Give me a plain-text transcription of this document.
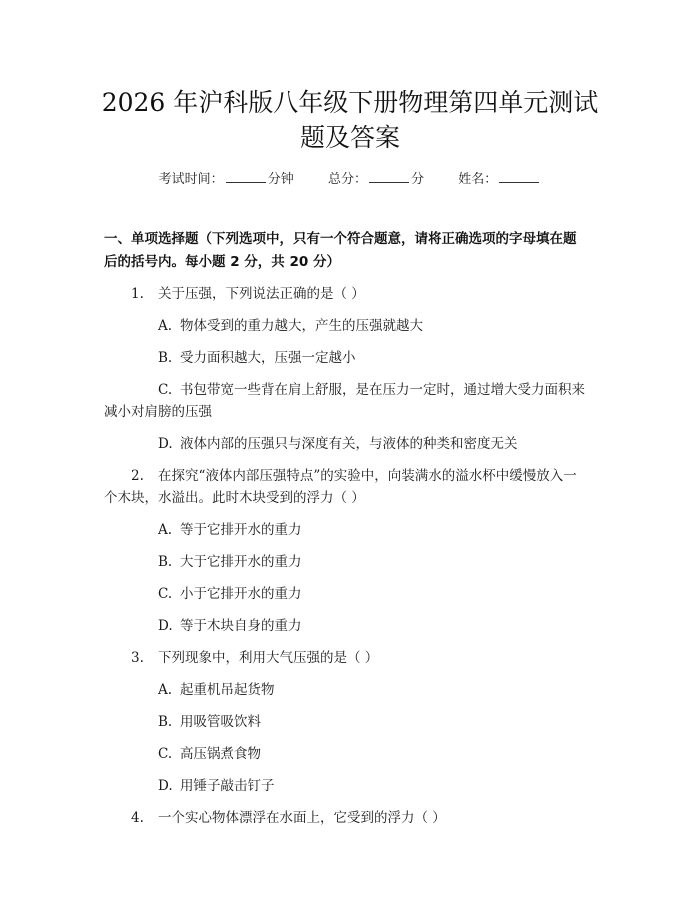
2026 年沪科版八年级下册物理第四单元测试
题及答案
考试时间：	分钟	总分：	分	姓名：
一、单项选择题（下列选项中，只有一个符合题意，请将正确选项的字母填在题
后的括号内。每小题 2 分，共 20 分）
1. 关于压强，下列说法正确的是（ ）
A. 物体受到的重力越大，产生的压强就越大
B. 受力面积越大，压强一定越小
C. 书包带宽一些背在肩上舒服，是在压力一定时，通过增大受力面积来
减小对肩膀的压强
D. 液体内部的压强只与深度有关，与液体的种类和密度无关
2. 在探究“液体内部压强特点”的实验中，向装满水的溢水杯中缓慢放入一
个木块，水溢出。此时木块受到的浮力（ ）
A. 等于它排开水的重力
B. 大于它排开水的重力
C. 小于它排开水的重力
D. 等于木块自身的重力
3. 下列现象中，利用大气压强的是（ ）
A. 起重机吊起货物
B. 用吸管吸饮料
C. 高压锅煮食物
D. 用锤子敲击钉子
4. 一个实心物体漂浮在水面上，它受到的浮力（ ）
